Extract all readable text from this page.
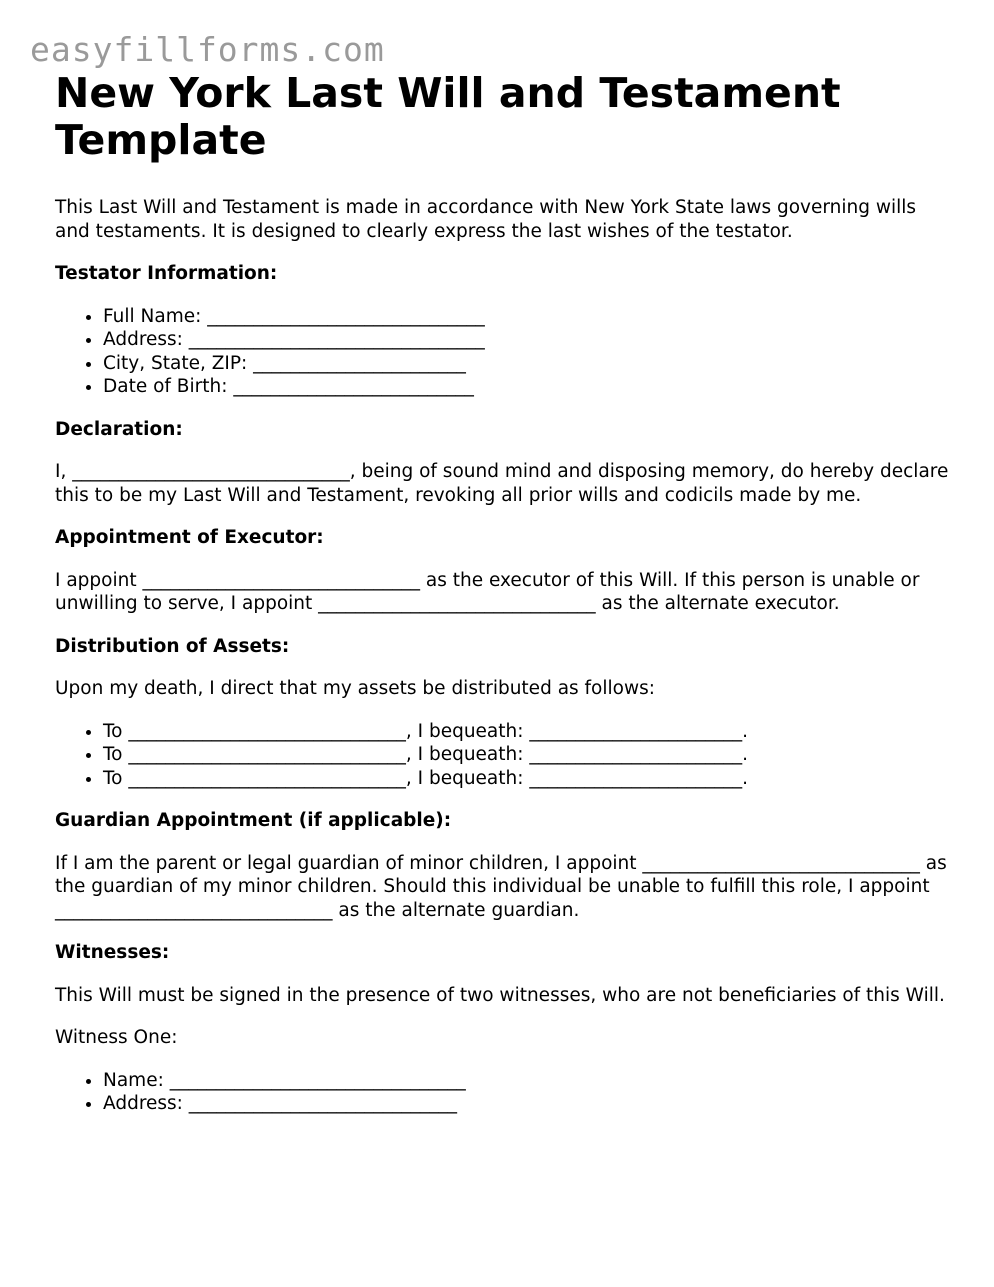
easyfillforms.com
New York Last Will and Testament Template

This Last Will and Testament is made in accordance with New York State laws governing wills and testaments. It is designed to clearly express the last wishes of the testator.

Testator Information:
• Full Name: ______________________________
• Address: ________________________________
• City, State, ZIP: _______________________
• Date of Birth: __________________________
Declaration:

I, ______________________________, being of sound mind and disposing memory, do hereby declare this to be my Last Will and Testament, revoking all prior wills and codicils made by me.

Appointment of Executor:

I appoint ______________________________ as the executor of this Will. If this person is unable or unwilling to serve, I appoint ______________________________ as the alternate executor.

Distribution of Assets:

Upon my death, I direct that my assets be distributed as follows:

• To ______________________________, I bequeath: _______________________.
• To ______________________________, I bequeath: _______________________.
• To ______________________________, I bequeath: _______________________.
Guardian Appointment (if applicable):

If I am the parent or legal guardian of minor children, I appoint ______________________________ as the guardian of my minor children. Should this individual be unable to fulfill this role, I appoint ______________________________ as the alternate guardian.

Witnesses:

This Will must be signed in the presence of two witnesses, who are not beneficiaries of this Will.

Witness One:

• Name: ________________________________
• Address: _____________________________
